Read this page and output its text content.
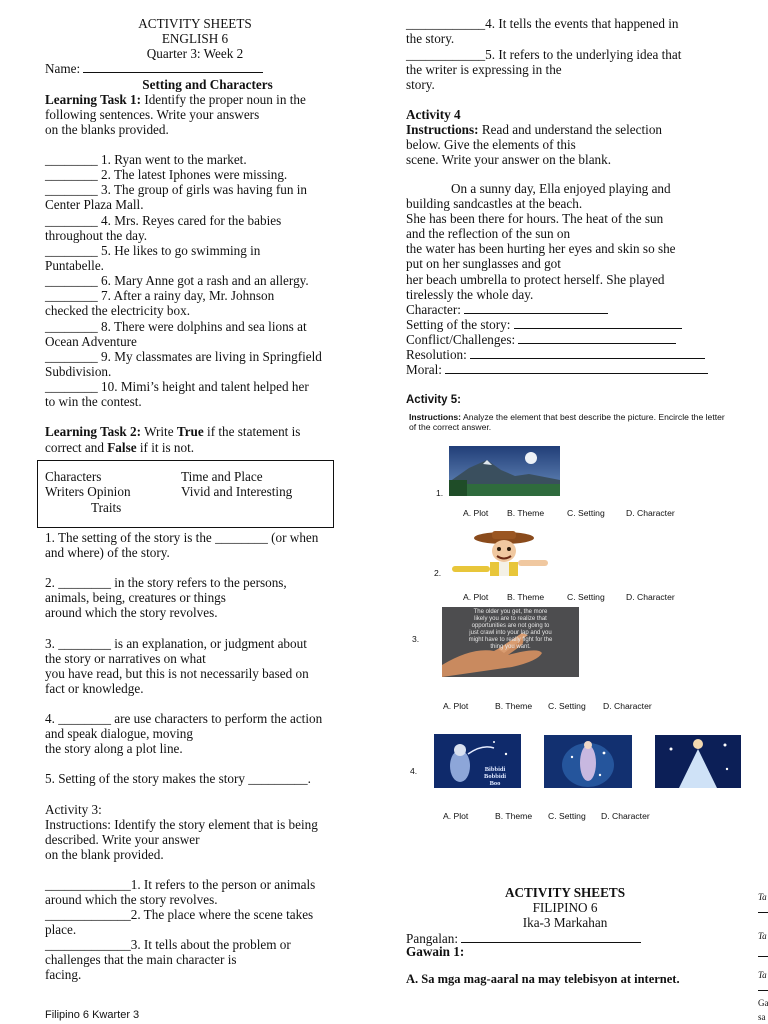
ACTIVITY SHEETS
ENGLISH 6
Quarter 3: Week 2
Name:
Setting and Characters
Learning Task 1: Identify the proper noun in the
following sentences. Write your answers
on the blanks provided.
________ 1. Ryan went to the market.
________ 2. The latest Iphones were missing.
________ 3. The group of girls was having fun in
Center Plaza Mall.
________ 4. Mrs. Reyes cared for the babies
throughout the day.
________ 5. He likes to go swimming in
Puntabelle.
________ 6. Mary Anne got a rash and an allergy.
________ 7. After a rainy day, Mr. Johnson
checked the electricity box.
________ 8. There were dolphins and sea lions at
Ocean Adventure
________ 9. My classmates are living in Springfield
Subdivision.
________ 10. Mimi’s height and talent helped her
to win the contest.
Learning Task 2: Write True if the statement is
correct and False if it is not.
Characters	Time and Place
Writers Opinion	Vivid and Interesting
Traits
1. The setting of the story is the ________ (or when
and where) of the story.
2. ________ in the story refers to the persons,
animals, being, creatures or things
around which the story revolves.
3. ________ is an explanation, or judgment about
the story or narratives on what
you have read, but this is not necessarily based on
fact or knowledge.
4. ________ are use characters to perform the action
and speak dialogue, moving
the story along a plot line.
5. Setting of the story makes the story _________.
Activity 3:
Instructions: Identify the story element that is being
described. Write your answer
on the blank provided.
_____________1. It refers to the person or animals
around which the story revolves.
_____________2. The place where the scene takes
place.
_____________3. It tells about the problem or
challenges that the main character is
facing.
Filipino 6 Kwarter 3
____________4. It tells the events that happened in
the story.
____________5. It refers to the underlying idea that
the writer is expressing in the
story.
Activity 4
Instructions: Read and understand the selection
below. Give the elements of this
scene. Write your answer on the blank.
On a sunny day, Ella enjoyed playing and
building sandcastles at the beach.
She has been there for hours. The heat of the sun
and the reflection of the sun on
the water has been hurting her eyes and skin so she
put on her sunglasses and got
her beach umbrella to protect herself. She played
tirelessly the whole day.
Character:
Setting of the story:
Conflict/Challenges:
Resolution:
Moral:
Activity 5:
Instructions: Analyze the element that best describe the picture. Encircle the letter
of the correct answer.
1.
A. Plot B. Theme	C. Setting D. Character
2.
A. Plot B. Theme	C. Setting D. Character
3.
The older you get, the more
likely you are to realize that
opportunities are not going to
just crawl into your lap and you
might have to really fight for the
thing you want.
A. Plot	B. Theme C. Setting D. Character
4.	Bibbidi
Bobbidi
Boo
A. Plot	B. Theme C. Setting D. Character
ACTIVITY SHEETS
FILIPINO 6
Ika-3 Markahan
Pangalan:
Gawain 1:
A. Sa mga mag-aaral na may telebisyon at internet.
Ta
Ta
Ta
Ga
sa
